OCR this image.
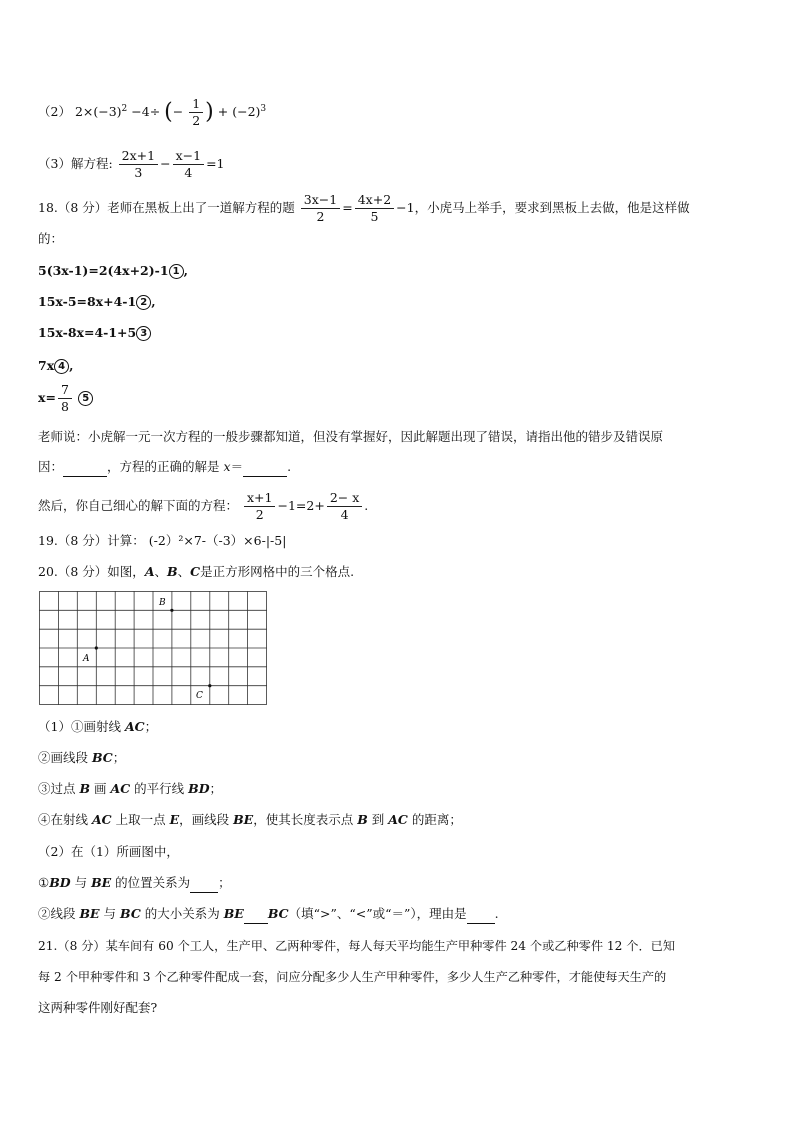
（2） $2\times(-3)^2 -4\div$ (− $\frac{1}{2}$ ) + $(-2)^3$
（3）解方程: $\frac{2x+1}{3} - \frac{x-1}{4} =1$
18.（8 分）老师在黑板上出了一道解方程的题 $\frac{3x-1}{2} = \frac{4x+2}{5} -1$，小虎马上举手，要求到黑板上去做，他是这样做
的：
5(3x-1)=2(4x+2)-1 1 ,
15x-5=8x+4-1 2 ,
15x-8x=4-1+5 3
7x 4 ,
$x= \frac{7}{8} 5$
老师说：小虎解一元一次方程的一般步骤都知道，但没有掌握好，因此解题出现了错误，请指出他的错步及错误原
因：	，方程的正确的解是 x＝	.
然后，你自己细心的解下面的方程： $\frac{x+1}{2} -1=2+ \frac{2- x}{4}$ .
19.（8 分）计算： (-2）²×7-（-3）×6-|-5|
20.（8 分）如图，A、B、C是正方形网格中的三个格点.
B
A
C
（1）①画射线 AC；
②画线段 BC；
③过点 B 画 AC 的平行线 BD；
④在射线 AC 上取一点 E，画线段 BE，使其长度表示点 B 到 AC 的距离；
（2）在（1）所画图中，
①BD 与 BE 的位置关系为 ；
②线段 BE 与 BC 的大小关系为 BE BC（填“>”、“<”或“＝”），理由是 .
21.（8 分）某车间有 60 个工人，生产甲、乙两种零件，每人每天平均能生产甲种零件 24 个或乙种零件 12 个．已知
每 2 个甲种零件和 3 个乙种零件配成一套，问应分配多少人生产甲种零件，多少人生产乙种零件，才能使每天生产的
这两种零件刚好配套?
